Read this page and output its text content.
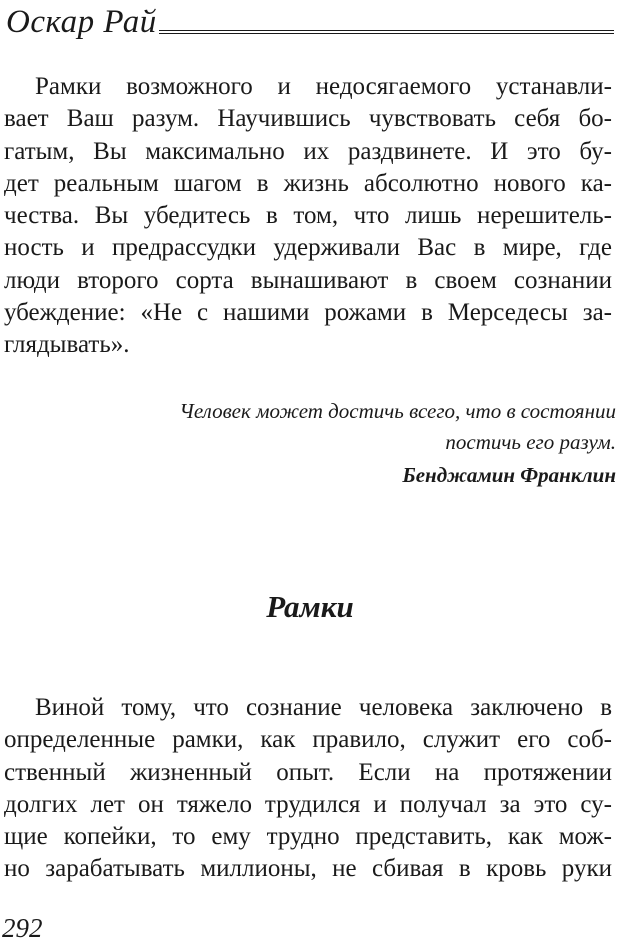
Оскар Рай
Рамки возможного и недосягаемого устанавли-
вает Ваш разум. Научившись чувствовать себя бо-
гатым, Вы максимально их раздвинете. И это бу-
дет реальным шагом в жизнь абсолютно нового ка-
чества. Вы убедитесь в том, что лишь нерешитель-
ность и предрассудки удерживали Вас в мире, где
люди второго сорта вынашивают в своем сознании
убеждение: «Не с нашими рожами в Мерседесы за-
глядывать».
Человек может достичь всего, что в состоянии
постичь его разум.
Бенджамин Франклин
Рамки
Виной тому, что сознание человека заключено в
определенные рамки, как правило, служит его соб-
ственный жизненный опыт. Если на протяжении
долгих лет он тяжело трудился и получал за это су-
щие копейки, то ему трудно представить, как мож-
но зарабатывать миллионы, не сбивая в кровь руки
292
